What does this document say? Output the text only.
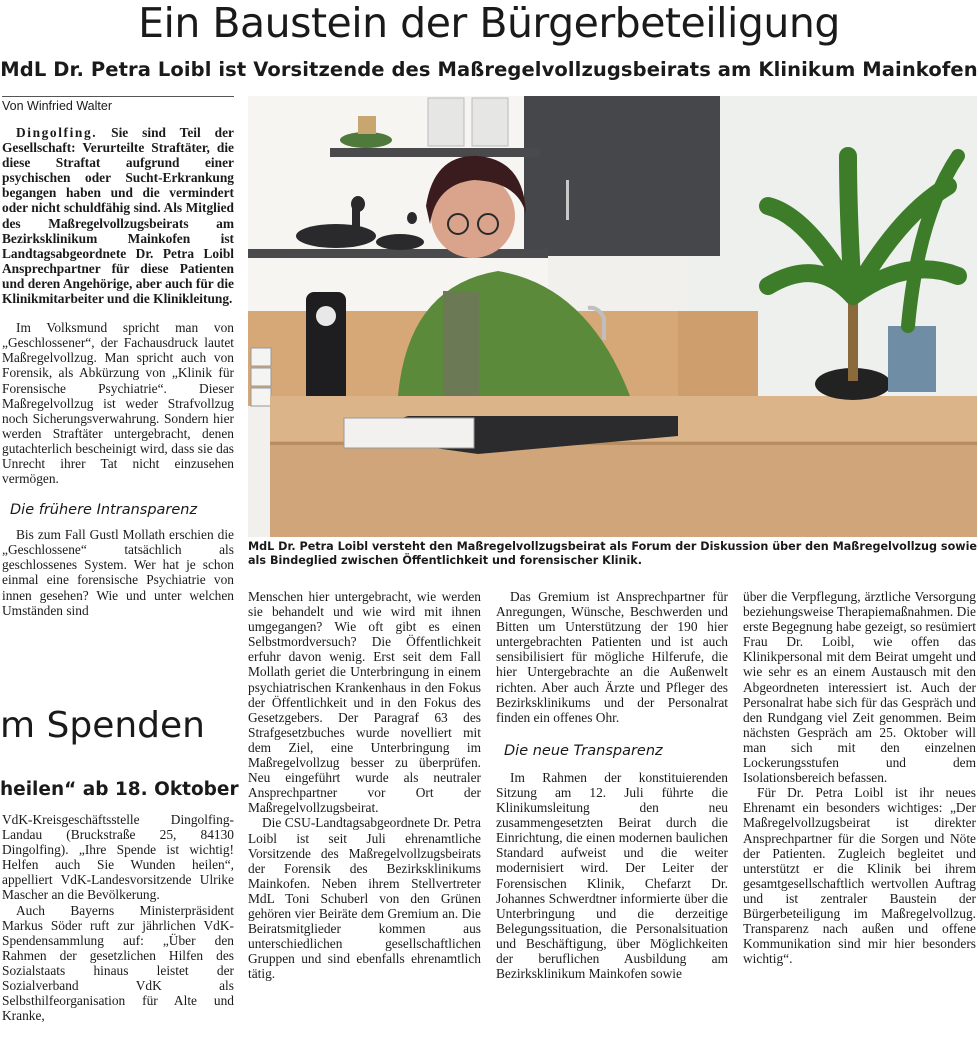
Ein Baustein der Bürgerbeteiligung
MdL Dr. Petra Loibl ist Vorsitzende des Maßregelvollzugsbeirats am Klinikum Mainkofen
Von Winfried Walter

Dingolfing. Sie sind Teil der Gesellschaft: Verurteilte Straftäter, die diese Straftat aufgrund einer psychischen oder Sucht-Erkrankung begangen haben und die vermindert oder nicht schuldfähig sind. Als Mitglied des Maßregelvollzugsbeirats am Bezirksklinikum Mainkofen ist Landtagsabgeordnete Dr. Petra Loibl Ansprechpartner für diese Patienten und deren Angehörige, aber auch für die Klinikmitarbeiter und die Klinikleitung.

Im Volksmund spricht man von „Geschlossener“, der Fachausdruck lautet Maßregelvollzug. Man spricht auch von Forensik, als Abkürzung von „Klinik für Forensische Psychiatrie“. Dieser Maßregelvollzug ist weder Strafvollzug noch Sicherungsverwahrung. Sondern hier werden Straftäter untergebracht, denen gutachterlich bescheinigt wird, dass sie das Unrecht ihrer Tat nicht einzusehen vermögen.

Die frühere Intransparenz

Bis zum Fall Gustl Mollath erschien die „Geschlossene“ tatsächlich als geschlossenes System. Wer hat je schon einmal eine forensische Psychiatrie von innen gesehen? Wie und unter welchen Umständen sind

MdL Dr. Petra Loibl versteht den Maßregelvollzugsbeirat als Forum der Diskussion über den Maßregelvollzug sowie als Bindeglied zwischen Öffentlichkeit und forensischer Klinik.

Menschen hier untergebracht, wie werden sie behandelt und wie wird mit ihnen umgegangen? Wie oft gibt es einen Selbstmordversuch? Die Öffentlichkeit erfuhr davon wenig. Erst seit dem Fall Mollath geriet die Unterbringung in einem psychiatrischen Krankenhaus in den Fokus der Öffentlichkeit und in den Fokus des Gesetzgebers. Der Paragraf 63 des Strafgesetzbuches wurde novelliert mit dem Ziel, eine Unterbringung im Maßregelvollzug besser zu überprüfen. Neu eingeführt wurde als neutraler Ansprechpartner vor Ort der Maßregelvollzugsbeirat.

Die CSU-Landtagsabgeordnete Dr. Petra Loibl ist seit Juli ehrenamtliche Vorsitzende des Maßregelvollzugsbeirats der Forensik des Bezirksklinikums Mainkofen. Neben ihrem Stellvertreter MdL Toni Schuberl von den Grünen gehören vier Beiräte dem Gremium an. Die Beiratsmitglieder kommen aus unterschiedlichen gesellschaftlichen Gruppen und sind ebenfalls ehrenamtlich tätig.

Das Gremium ist Ansprechpartner für Anregungen, Wünsche, Beschwerden und Bitten um Unterstützung der 190 hier untergebrachten Patienten und ist auch sensibilisiert für mögliche Hilferufe, die hier Untergebrachte an die Außenwelt richten. Aber auch Ärzte und Pfleger des Bezirksklinikums und der Personalrat finden ein offenes Ohr.

Die neue Transparenz

Im Rahmen der konstituierenden Sitzung am 12. Juli führte die Klinikumsleitung den neu zusammengesetzten Beirat durch die Einrichtung, die einen modernen baulichen Standard aufweist und die weiter modernisiert wird. Der Leiter der Forensischen Klinik, Chefarzt Dr. Johannes Schwerdtner informierte über die Unterbringung und die derzeitige Belegungssituation, die Personalsituation und Beschäftigung, über Möglichkeiten der beruflichen Ausbildung am Bezirksklinikum Mainkofen sowie

über die Verpflegung, ärztliche Versorgung beziehungsweise Therapiemaßnahmen. Die erste Begegnung habe gezeigt, so resümiert Frau Dr. Loibl, wie offen das Klinikpersonal mit dem Beirat umgeht und wie sehr es an einem Austausch mit den Abgeordneten interessiert ist. Auch der Personalrat habe sich für das Gespräch und den Rundgang viel Zeit genommen. Beim nächsten Gespräch am 25. Oktober will man sich mit den einzelnen Lockerungsstufen und dem Isolationsbereich befassen.

Für Dr. Petra Loibl ist ihr neues Ehrenamt ein besonders wichtiges: „Der Maßregelvollzugsbeirat ist direkter Ansprechpartner für die Sorgen und Nöte der Patienten. Zugleich begleitet und unterstützt er die Klinik bei ihrem gesamtgesellschaftlich wertvollen Auftrag und ist zentraler Baustein der Bürgerbeteiligung im Maßregelvollzug. Transparenz nach außen und offene Kommunikation sind mir hier besonders wichtig“.

m Spenden
heilen“ ab 18. Oktober

VdK-Kreisgeschäftsstelle Dingolfing-Landau (Bruckstraße 25, 84130 Dingolfing). „Ihre Spende ist wichtig! Helfen auch Sie Wunden heilen“, appelliert VdK-Landesvorsitzende Ulrike Mascher an die Bevölkerung.

Auch Bayerns Ministerpräsident Markus Söder ruft zur jährlichen VdK-Spendensammlung auf: „Über den Rahmen der gesetzlichen Hilfen des Sozialstaats hinaus leistet der Sozialverband VdK als Selbsthilfeorganisation für Alte und Kranke,
